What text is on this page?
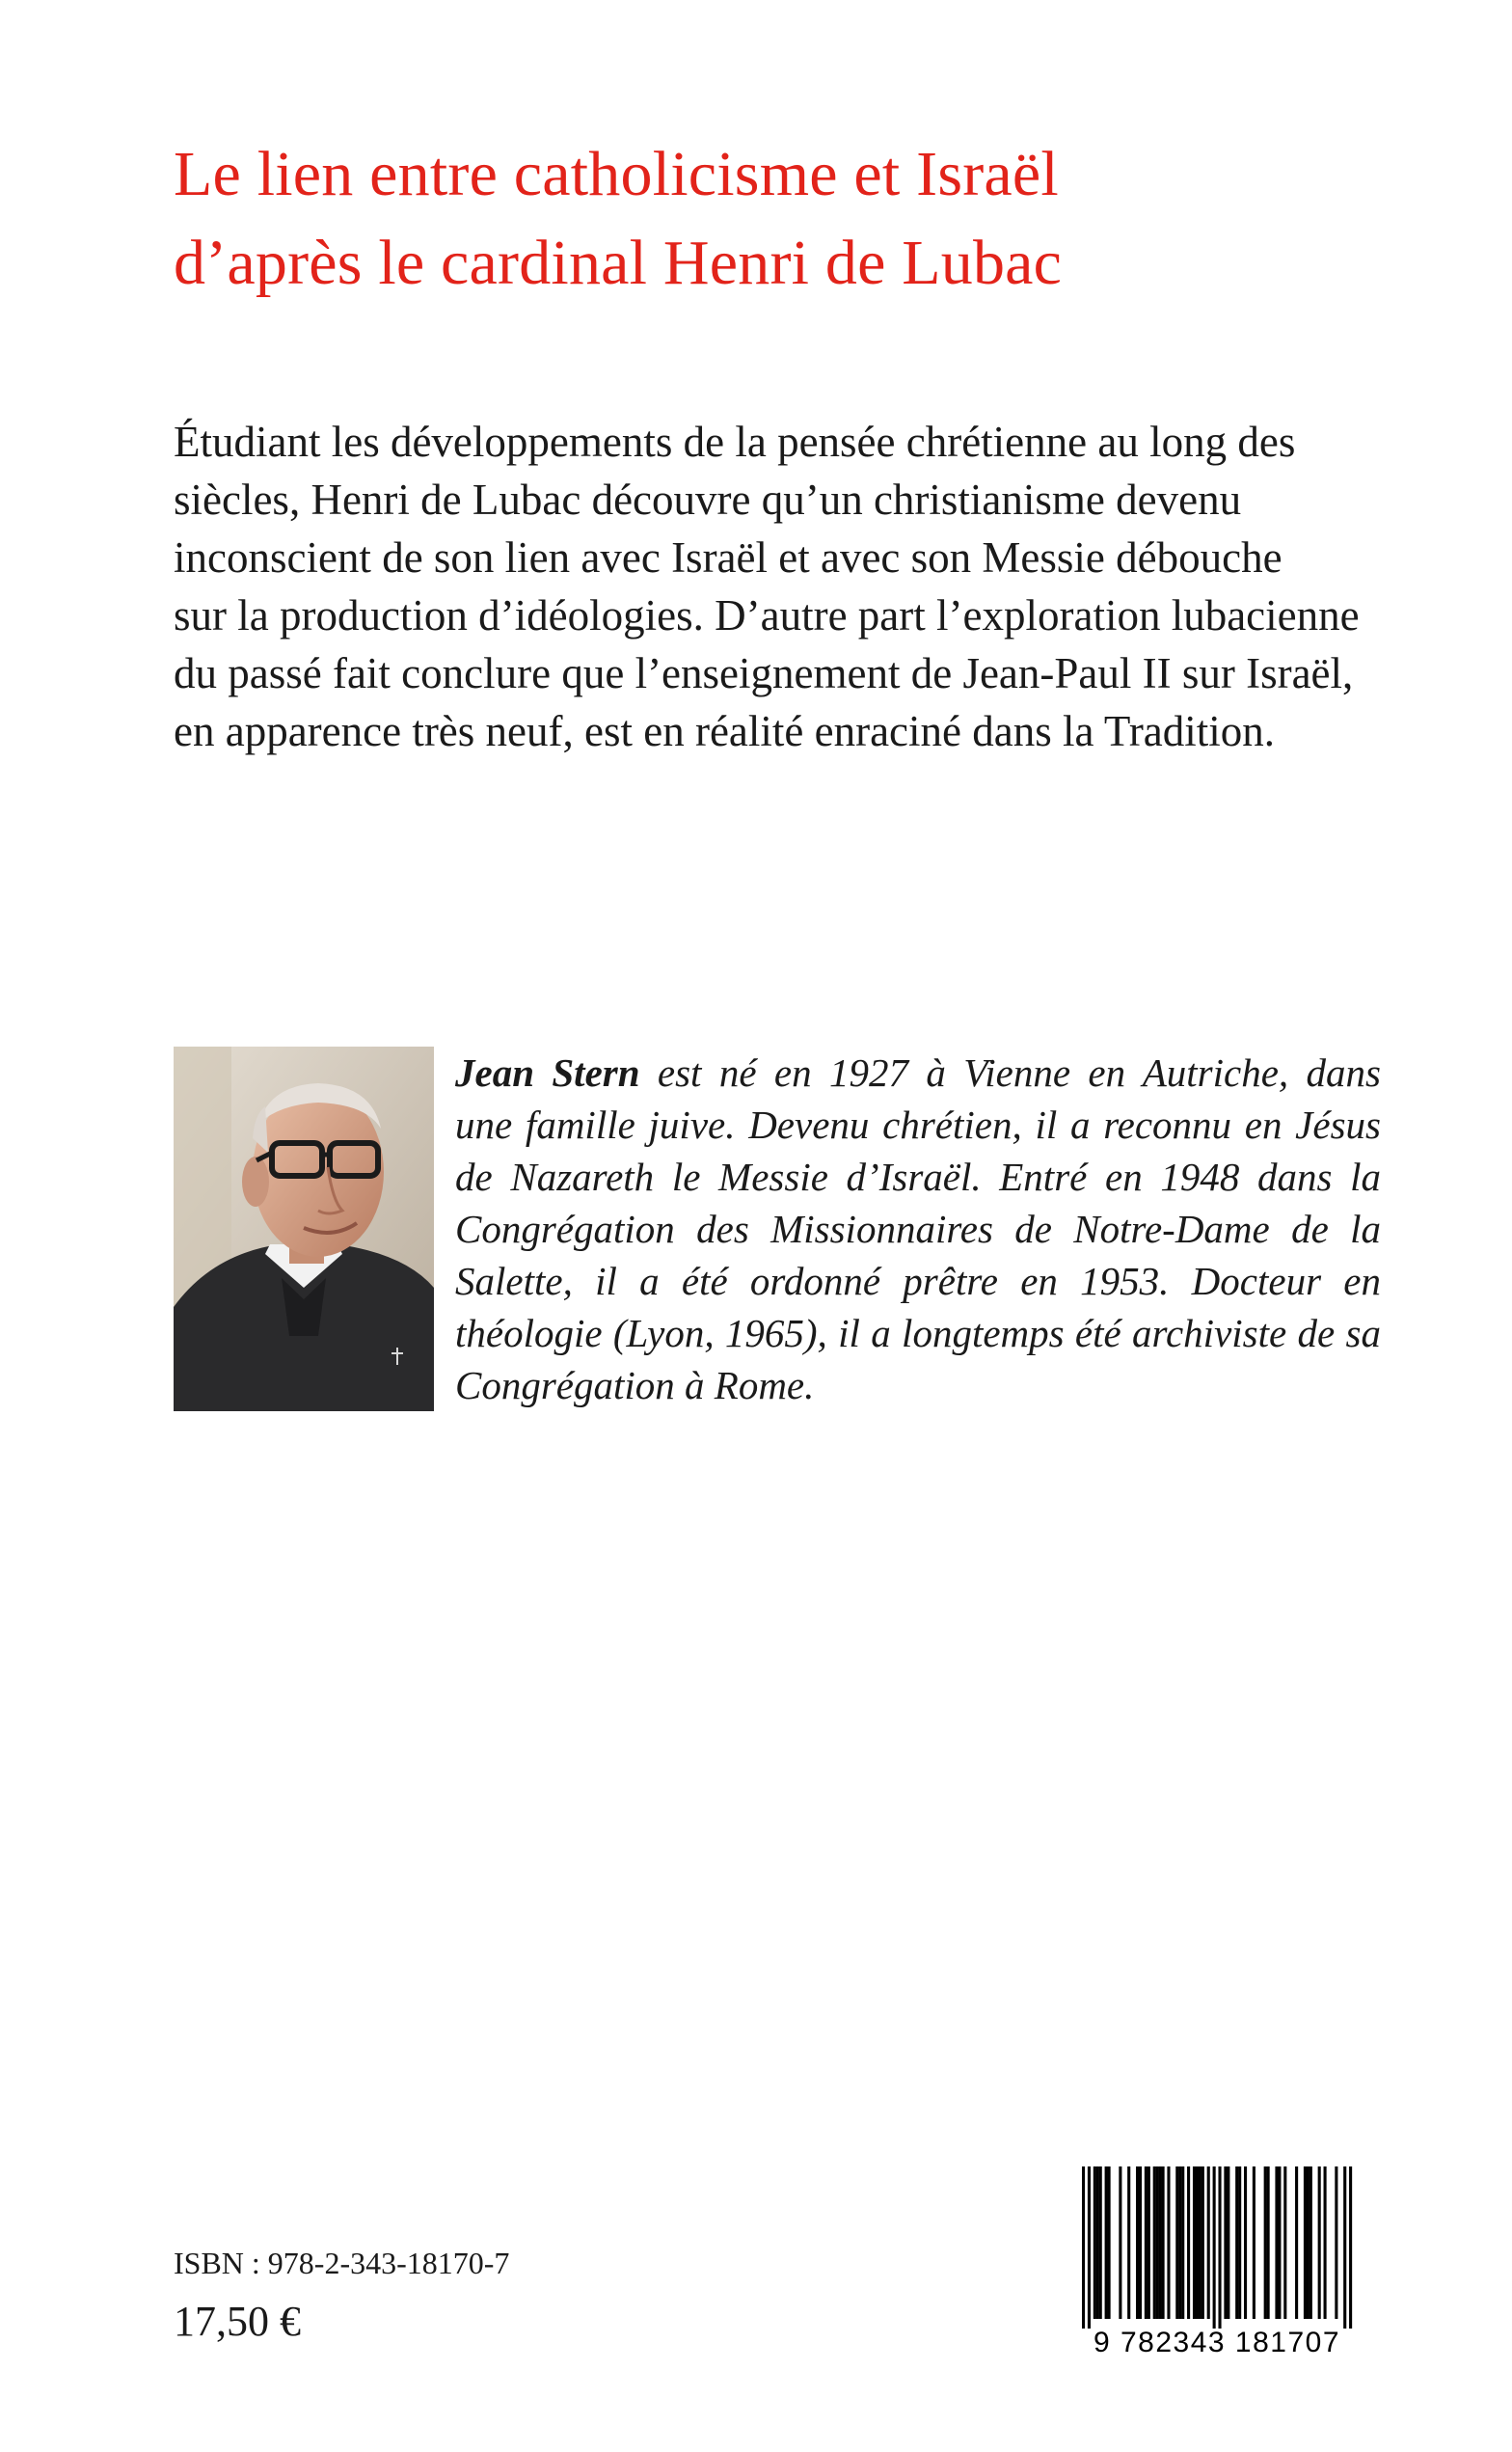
Le lien entre catholicisme et Israël
d’après le cardinal Henri de Lubac

Étudiant les développements de la pensée chrétienne au long des
siècles, Henri de Lubac découvre qu’un christianisme devenu
inconscient de son lien avec Israël et avec son Messie débouche
sur la production d’idéologies. D’autre part l’exploration lubacienne
du passé fait conclure que l’enseignement de Jean-Paul II sur Israël,
en apparence très neuf, est en réalité enraciné dans la Tradition.

Jean Stern est né en 1927 à Vienne en Autriche, dans
une famille juive. Devenu chrétien, il a reconnu en Jésus
de Nazareth le Messie d’Israël. Entré en 1948 dans la
Congrégation des Missionnaires de Notre-Dame de la
Salette, il a été ordonné prêtre en 1953. Docteur en
théologie (Lyon, 1965), il a longtemps été archiviste de sa
Congrégation à Rome.

ISBN : 978-2-343-18170-7

17,50 €	9 782343 181707
